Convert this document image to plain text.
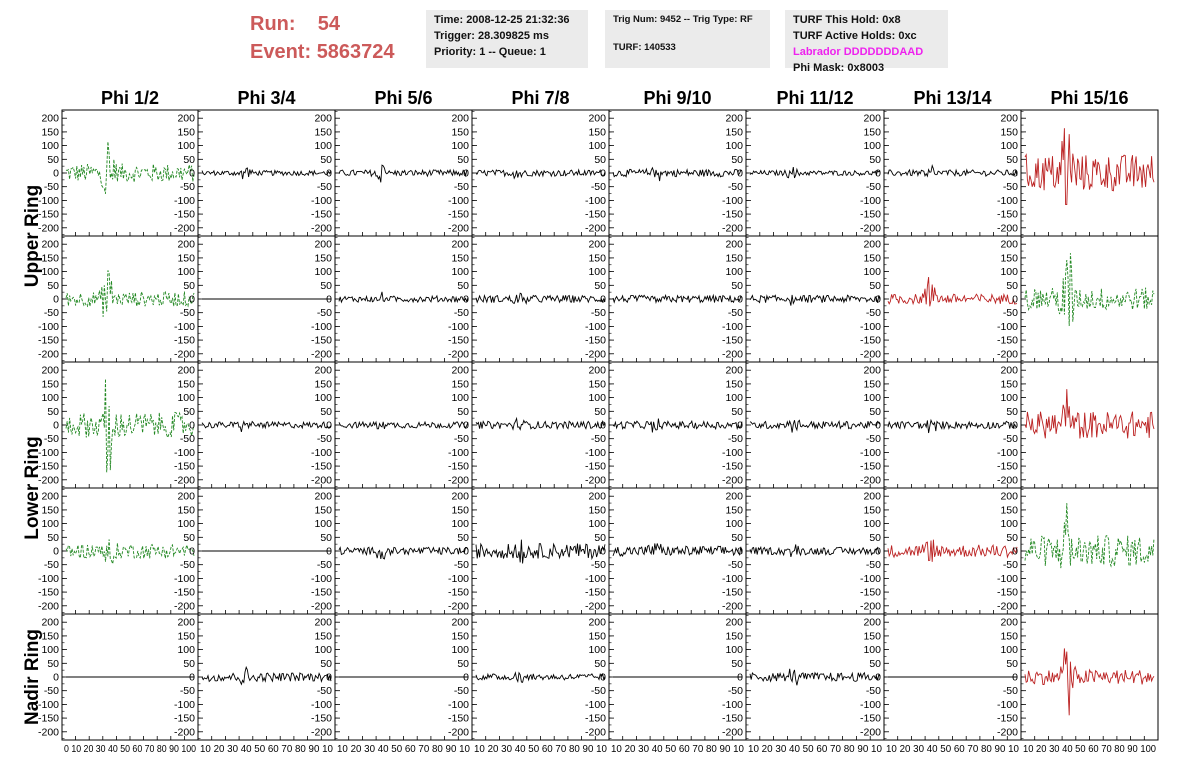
Run: 54
Event: 5863724
Time: 2008-12-25 21:32:36
Trigger: 28.309825 ms
Priority: 1 -- Queue: 1
Trig Num: 9452 -- Trig Type: RF
TURF: 140533
TURF This Hold: 0x8
TURF Active Holds: 0xc
Labrador DDDDDDDAAD
Phi Mask: 0x8003
Phi 1/2	Phi 3/4	Phi 5/6	Phi 7/8	Phi 9/10	Phi 11/12	Phi 13/14	Phi 15/16
Upper Ring
Lower Ring
Nadir Ring
200
150
100
50
0
-50
-100
-150
-200
200
150
100
50
0
-50
-100
-150
-200
200
150
100
50
0
-50
-100
-150
-200
200
150
100
50
0
-50
-100
-150
-200
200
150
100
50
0
-50
-100
-150
-200
200
150
100
50
0
-50
-100
-150
-200
200
150
100
50
0
-50
-100
-150
-200
200
150
100
50
0
-50
-100
-150
-200
200
150
100
50
0
-50
-100
-150
-200
200
150
100
50
0
-50
-100
-150
-200
200
150
100
50
0
-50
-100
-150
-200
200
150
100
50
0
-50
-100
-150
-200
200
150
100
50
0
-50
-100
-150
-200
200
150
100
50
0
-50
-100
-150
-200
200
150
100
50
0
-50
-100
-150
-200
200
150
100
50
0
-50
-100
-150
-200
200
150
100
50
0
-50
-100
-150
-200
200
150
100
50
0
-50
-100
-150
-200
200
150
100
50
0
-50
-100
-150
-200
200
150
100
50
0
-50
-100
-150
-200
200
150
100
50
0
-50
-100
-150
-200
200
150
100
50
0
-50
-100
-150
-200
200
150
100
50
0
-50
-100
-150
-200
200
150
100
50
0
-50
-100
-150
-200
200
150
100
50
0
-50
-100
-150
-200
200
150
100
50
0
-50
-100
-150
-200
200
150
100
50
0
-50
-100
-150
-200
200
150
100
50
0
-50
-100
-150
-200
200
150
100
50
0
-50
-100
-150
-200
200
150
100
50
0
-50
-100
-150
-200
200
150
100
50
0
-50
-100
-150
-200
200
150
100
50
0
-50
-100
-150
-200
200
150
100
50
0
-50
-100
-150
-200
200
150
100
50
0
-50
-100
-150
-200
200
150
100
50
0
-50
-100
-150
-200
200
150
100
50
0
-50
-100
-150
-200
200
150
100
50
0
-50
-100
-150
-200
200
150
100
50
0
-50
-100
-150
-200
200
150
100
50
0
-50
-100
-150
-200
200
150
100
50
0
-50
-100
-150
-200
0 10 20 30 40 50 60 70 80 90 100 10 20 30 40 50 60 70 80 90 10 10 20 30 40 50 60 70 80 90 10 10 20 30 40 50 60 70 80 90 10 10 20 30 40 50 60 70 80 90 10 10 20 30 40 50 60 70 80 90 10 10 20 30 40 50 60 70 80 90 10 10 20 30 40 50 60 70 80 90 100
